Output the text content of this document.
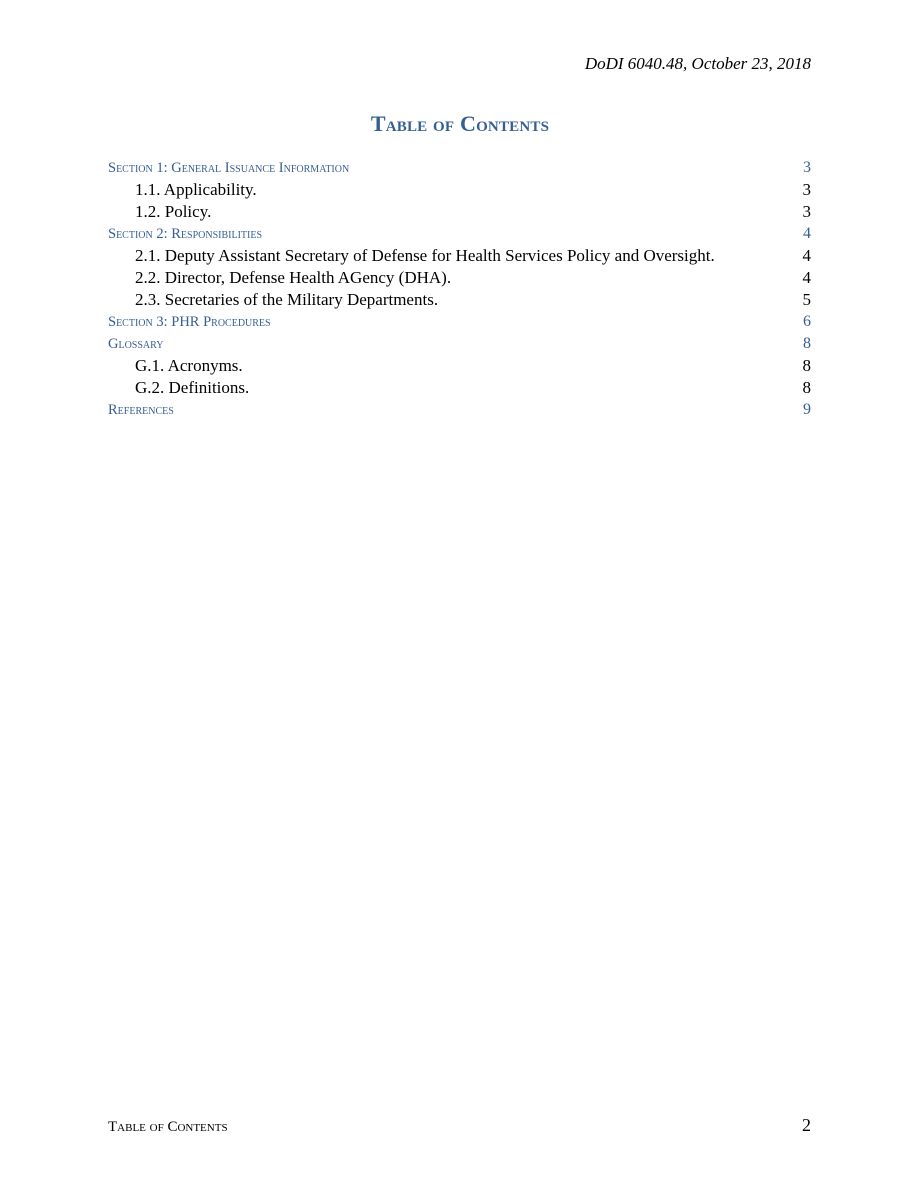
DoDI 6040.48, October 23, 2018
Table of Contents
Section 1: General Issuance Information	3
1.1. Applicability.	3
1.2. Policy.	3
Section 2: Responsibilities	4
2.1. Deputy Assistant Secretary of Defense for Health Services Policy and Oversight.	4
2.2. Director, Defense Health AGency (DHA).	4
2.3. Secretaries of the Military Departments.	5
Section 3: PHR Procedures	6
Glossary	8
G.1. Acronyms.	8
G.2. Definitions.	8
References	9
Table of Contents	2
